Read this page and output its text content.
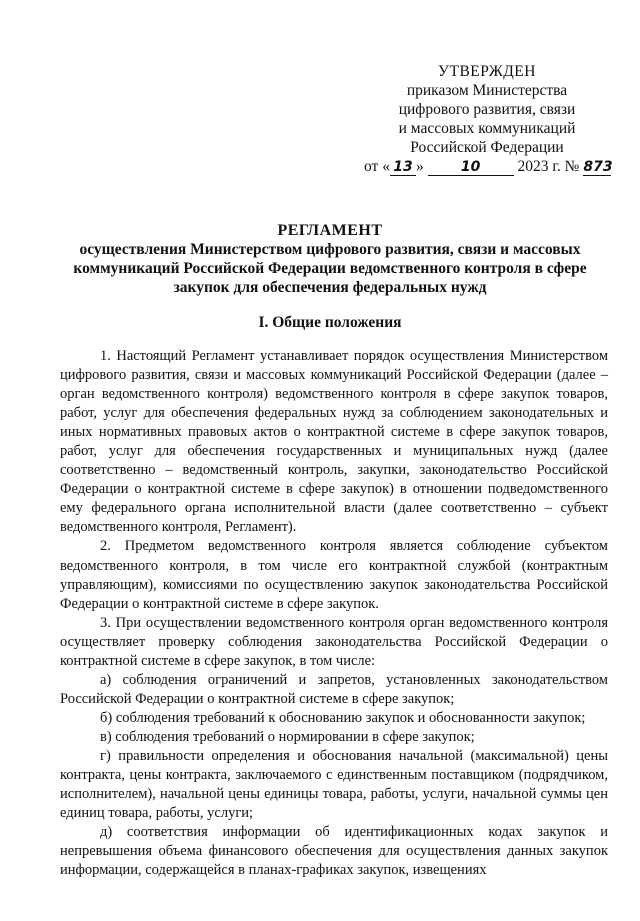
УТВЕРЖДЕН
приказом Министерства
цифрового развития, связи
и массовых коммуникаций
Российской Федерации
от « 13 »	10 2023 г. № 873
РЕГЛАМЕНТ
осуществления Министерством цифрового развития, связи и массовых коммуникаций Российской Федерации ведомственного контроля в сфере закупок для обеспечения федеральных нужд
I. Общие положения

1. Настоящий Регламент устанавливает порядок осуществления Министерством цифрового развития, связи и массовых коммуникаций Российской Федерации (далее – орган ведомственного контроля) ведомственного контроля в сфере закупок товаров, работ, услуг для обеспечения федеральных нужд за соблюдением законодательных и иных нормативных правовых актов о контрактной системе в сфере закупок товаров, работ, услуг для обеспечения государственных и муниципальных нужд (далее соответственно – ведомственный контроль, закупки, законодательство Российской Федерации о контрактной системе в сфере закупок) в отношении подведомственного ему федерального органа исполнительной власти (далее соответственно – субъект ведомственного контроля, Регламент).

2. Предметом ведомственного контроля является соблюдение субъектом ведомственного контроля, в том числе его контрактной службой (контрактным управляющим), комиссиями по осуществлению закупок законодательства Российской Федерации о контрактной системе в сфере закупок.

3. При осуществлении ведомственного контроля орган ведомственного контроля осуществляет проверку соблюдения законодательства Российской Федерации о контрактной системе в сфере закупок, в том числе:

а) соблюдения ограничений и запретов, установленных законодательством Российской Федерации о контрактной системе в сфере закупок;

б) соблюдения требований к обоснованию закупок и обоснованности закупок;

в) соблюдения требований о нормировании в сфере закупок;

г) правильности определения и обоснования начальной (максимальной) цены контракта, цены контракта, заключаемого с единственным поставщиком (подрядчиком, исполнителем), начальной цены единицы товара, работы, услуги, начальной суммы цен единиц товара, работы, услуги;

д) соответствия информации об идентификационных кодах закупок и непревышения объема финансового обеспечения для осуществления данных закупок информации, содержащейся в планах-графиках закупок, извещениях
